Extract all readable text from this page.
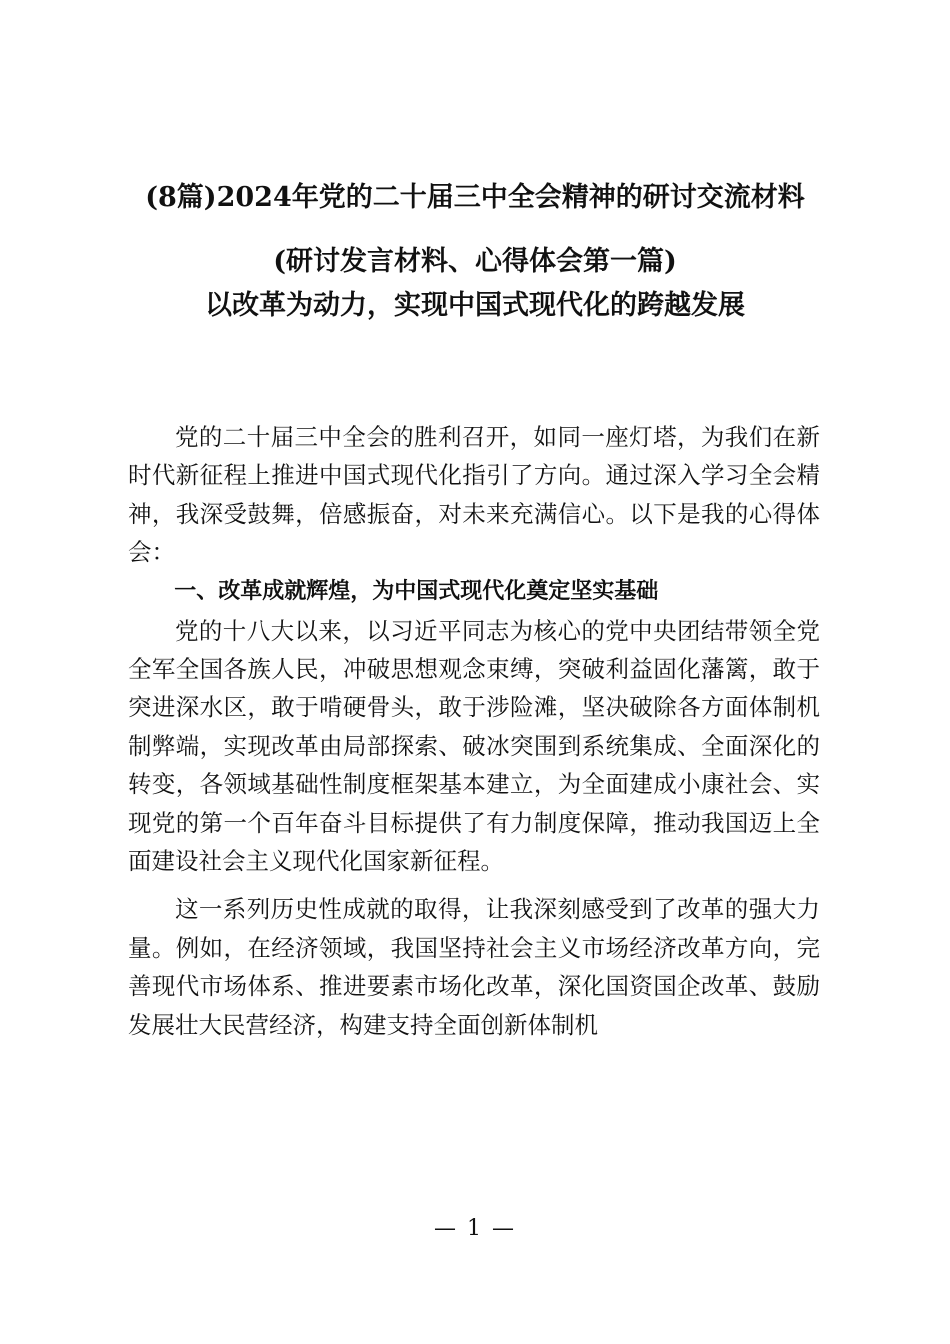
(8篇)2024年党的二十届三中全会精神的研讨交流材料
(研讨发言材料、心得体会第一篇)
以改革为动力，实现中国式现代化的跨越发展

党的二十届三中全会的胜利召开，如同一座灯塔，为我们在新时代新征程上推进中国式现代化指引了方向。通过深入学习全会精神，我深受鼓舞，倍感振奋，对未来充满信心。以下是我的心得体会：

一、改革成就辉煌，为中国式现代化奠定坚实基础

党的十八大以来，以习近平同志为核心的党中央团结带领全党全军全国各族人民，冲破思想观念束缚，突破利益固化藩篱，敢于突进深水区，敢于啃硬骨头，敢于涉险滩，坚决破除各方面体制机制弊端，实现改革由局部探索、破冰突围到系统集成、全面深化的转变，各领域基础性制度框架基本建立，为全面建成小康社会、实现党的第一个百年奋斗目标提供了有力制度保障，推动我国迈上全面建设社会主义现代化国家新征程。

这一系列历史性成就的取得，让我深刻感受到了改革的强大力量。例如，在经济领域，我国坚持社会主义市场经济改革方向，完善现代市场体系、推进要素市场化改革，深化国资国企改革、鼓励发展壮大民营经济，构建支持全面创新体制机

— 1 —
